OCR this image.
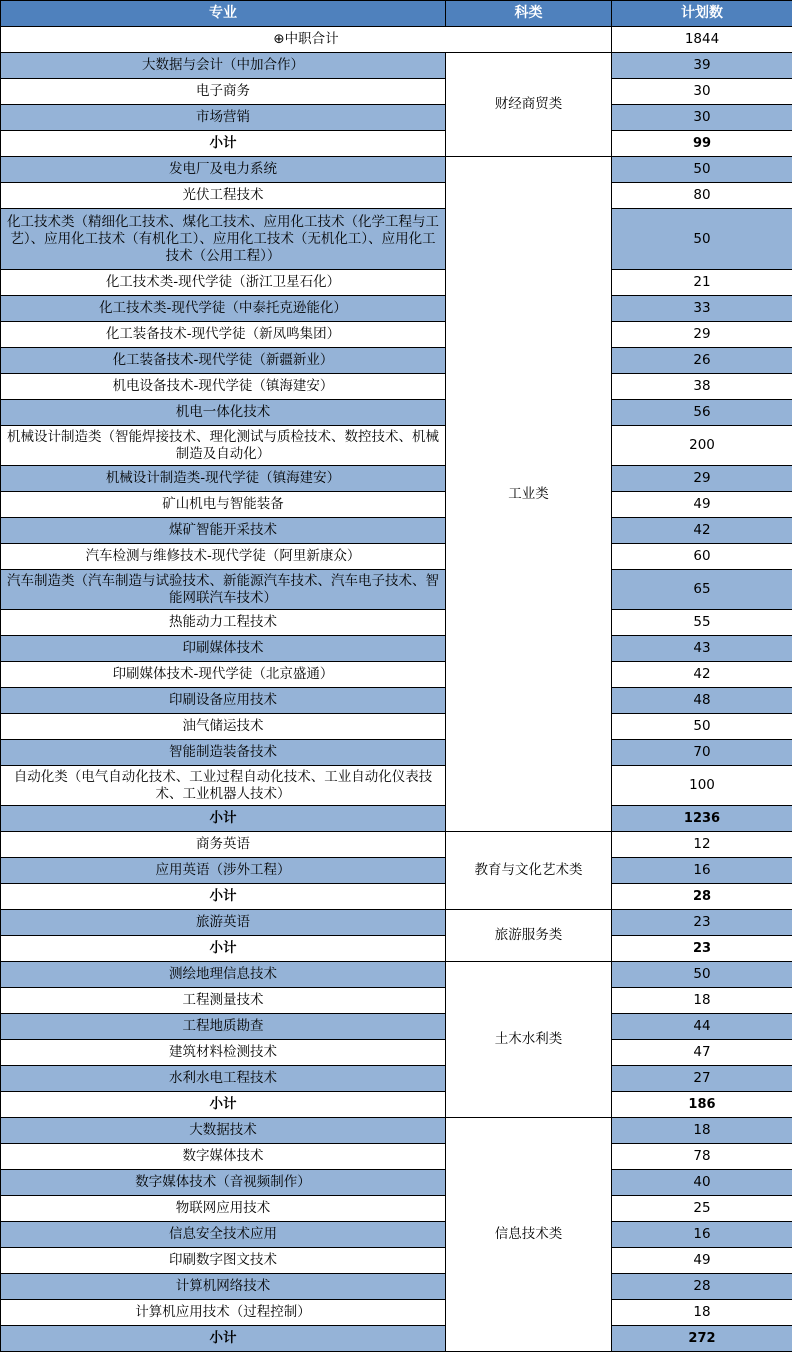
专业	科类	计划数
⊕中职合计		1844
大数据与会计（中加合作）	财经商贸类	39
电子商务		30
市场营销		30
小计		99
发电厂及电力系统	工业类	50
光伏工程技术		80
化工技术类（精细化工技术、煤化工技术、应用化工技术（化学工程与工艺）、应用化工技术（有机化工）、应用化工技术（无机化工）、应用化工技术（公用工程））		50
化工技术类-现代学徒（浙江卫星石化）		21
化工技术类-现代学徒（中泰托克逊能化）		33
化工装备技术-现代学徒（新凤鸣集团）		29
化工装备技术-现代学徒（新疆新业）		26
机电设备技术-现代学徒（镇海建安）		38
机电一体化技术		56
机械设计制造类（智能焊接技术、理化测试与质检技术、数控技术、机械制造及自动化）		200
机械设计制造类-现代学徒（镇海建安）		29
矿山机电与智能装备		49
煤矿智能开采技术		42
汽车检测与维修技术-现代学徒（阿里新康众）		60
汽车制造类（汽车制造与试验技术、新能源汽车技术、汽车电子技术、智能网联汽车技术）		65
热能动力工程技术		55
印刷媒体技术		43
印刷媒体技术-现代学徒（北京盛通）		42
印刷设备应用技术		48
油气储运技术		50
智能制造装备技术		70
自动化类（电气自动化技术、工业过程自动化技术、工业自动化仪表技术、工业机器人技术）		100
小计		1236
商务英语	教育与文化艺术类	12
应用英语（涉外工程）		16
小计		28
旅游英语	旅游服务类	23
小计		23
测绘地理信息技术	土木水利类	50
工程测量技术		18
工程地质勘查		44
建筑材料检测技术		47
水利水电工程技术		27
小计		186
大数据技术	信息技术类	18
数字媒体技术		78
数字媒体技术（音视频制作）		40
物联网应用技术		25
信息安全技术应用		16
印刷数字图文技术		49
计算机网络技术		28
计算机应用技术（过程控制）		18
小计		272
